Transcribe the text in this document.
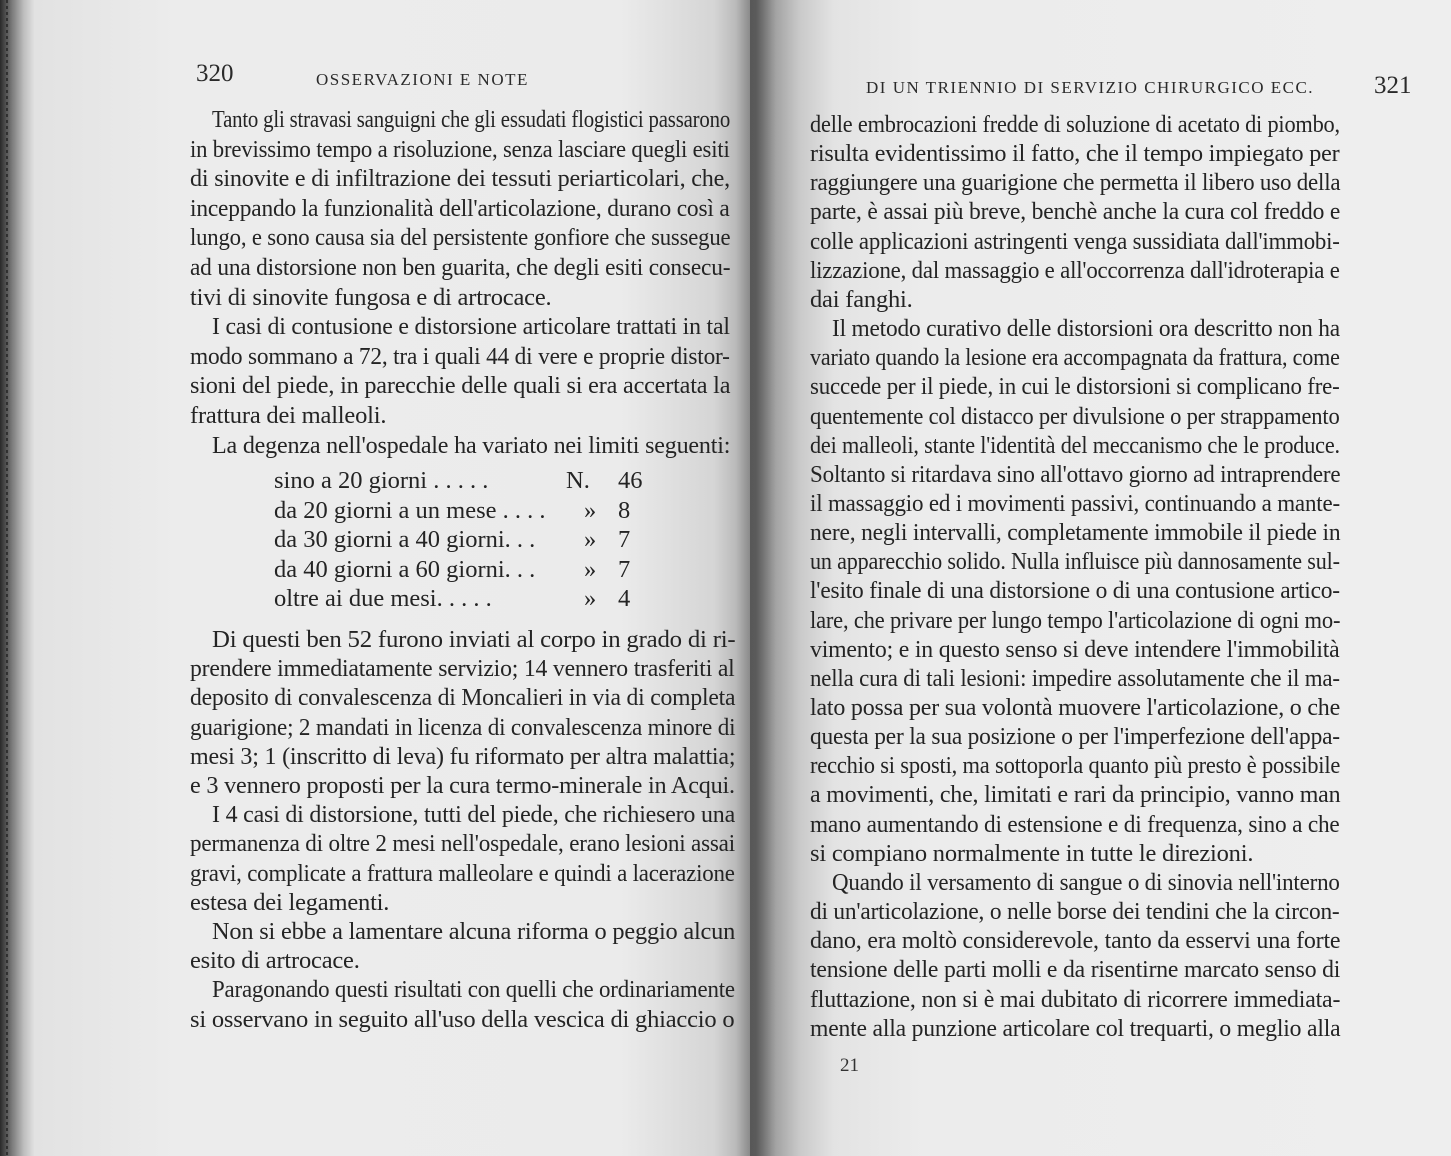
320	OSSERVAZIONI E NOTE
Tanto gli stravasi sanguigni che gli essudati flogistici passarono
in brevissimo tempo a risoluzione, senza lasciare quegli esiti
di sinovite e di infiltrazione dei tessuti periarticolari, che,
inceppando la funzionalità dell'articolazione, durano così a
lungo, e sono causa sia del persistente gonfiore che sussegue
ad una distorsione non ben guarita, che degli esiti consecu-
tivi di sinovite fungosa e di artrocace.
I casi di contusione e distorsione articolare trattati in tal
modo sommano a 72, tra i quali 44 di vere e proprie distor-
sioni del piede, in parecchie delle quali si era accertata la
frattura dei malleoli.
La degenza nell'ospedale ha variato nei limiti seguenti:
sino a 20 giorni . . . . .	N. 46
da 20 giorni a un mese . . . . » 8
da 30 giorni a 40 giorni. . . » 7
da 40 giorni a 60 giorni. . . » 7
oltre ai due mesi. . . . .	» 4
Di questi ben 52 furono inviati al corpo in grado di ri-
prendere immediatamente servizio; 14 vennero trasferiti al
deposito di convalescenza di Moncalieri in via di completa
guarigione; 2 mandati in licenza di convalescenza minore di
mesi 3; 1 (inscritto di leva) fu riformato per altra malattia;
e 3 vennero proposti per la cura termo-minerale in Acqui.
I 4 casi di distorsione, tutti del piede, che richiesero una
permanenza di oltre 2 mesi nell'ospedale, erano lesioni assai
gravi, complicate a frattura malleolare e quindi a lacerazione
estesa dei legamenti.
Non si ebbe a lamentare alcuna riforma o peggio alcun
esito di artrocace.
Paragonando questi risultati con quelli che ordinariamente
si osservano in seguito all'uso della vescica di ghiaccio o
DI UN TRIENNIO DI SERVIZIO CHIRURGICO ECC. 321
delle embrocazioni fredde di soluzione di acetato di piombo,
risulta evidentissimo il fatto, che il tempo impiegato per
raggiungere una guarigione che permetta il libero uso della
parte, è assai più breve, benchè anche la cura col freddo e
colle applicazioni astringenti venga sussidiata dall'immobi-
lizzazione, dal massaggio e all'occorrenza dall'idroterapia e
dai fanghi.
Il metodo curativo delle distorsioni ora descritto non ha
variato quando la lesione era accompagnata da frattura, come
succede per il piede, in cui le distorsioni si complicano fre-
quentemente col distacco per divulsione o per strappamento
dei malleoli, stante l'identità del meccanismo che le produce.
Soltanto si ritardava sino all'ottavo giorno ad intraprendere
il massaggio ed i movimenti passivi, continuando a mante-
nere, negli intervalli, completamente immobile il piede in
un apparecchio solido. Nulla influisce più dannosamente sul-
l'esito finale di una distorsione o di una contusione artico-
lare, che privare per lungo tempo l'articolazione di ogni mo-
vimento; e in questo senso si deve intendere l'immobilità
nella cura di tali lesioni: impedire assolutamente che il ma-
lato possa per sua volontà muovere l'articolazione, o che
questa per la sua posizione o per l'imperfezione dell'appa-
recchio si sposti, ma sottoporla quanto più presto è possibile
a movimenti, che, limitati e rari da principio, vanno man
mano aumentando di estensione e di frequenza, sino a che
si compiano normalmente in tutte le direzioni.
Quando il versamento di sangue o di sinovia nell'interno
di un'articolazione, o nelle borse dei tendini che la circon-
dano, era moltò considerevole, tanto da esservi una forte
tensione delle parti molli e da risentirne marcato senso di
fluttazione, non si è mai dubitato di ricorrere immediata-
mente alla punzione articolare col trequarti, o meglio alla
21
